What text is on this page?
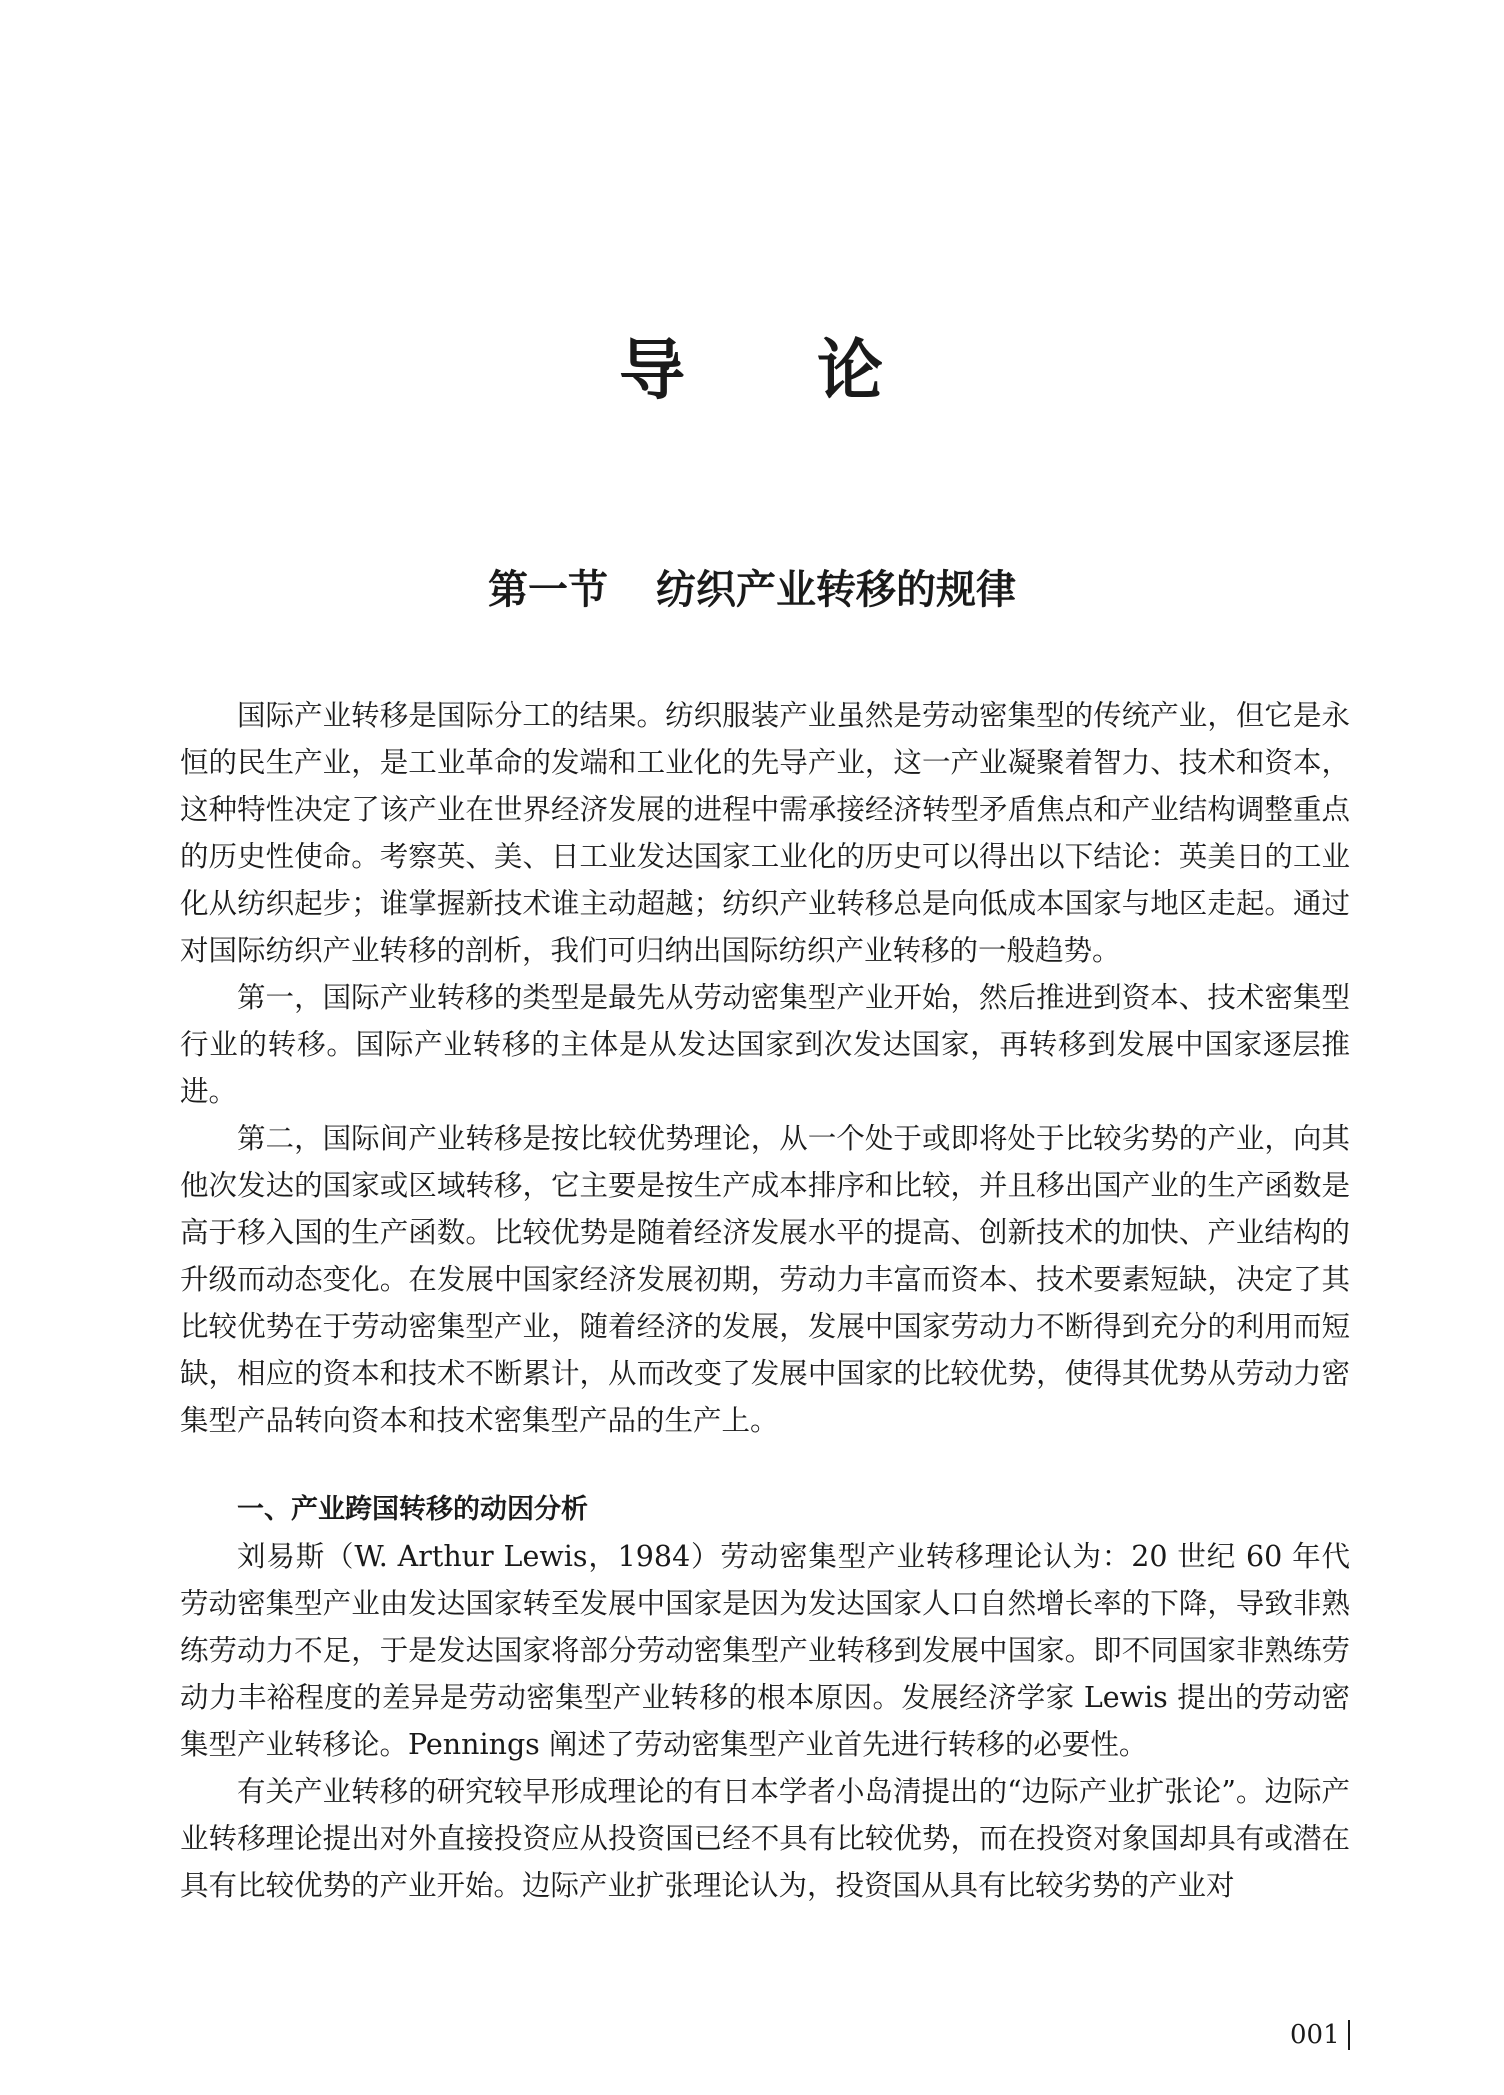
导 论
第一节 纺织产业转移的规律

国际产业转移是国际分工的结果。纺织服装产业虽然是劳动密集型的传统产业，但它是永恒的民生产业，是工业革命的发端和工业化的先导产业，这一产业凝聚着智力、技术和资本，这种特性决定了该产业在世界经济发展的进程中需承接经济转型矛盾焦点和产业结构调整重点的历史性使命。考察英、美、日工业发达国家工业化的历史可以得出以下结论：英美日的工业化从纺织起步；谁掌握新技术谁主动超越；纺织产业转移总是向低成本国家与地区走起。通过对国际纺织产业转移的剖析，我们可归纳出国际纺织产业转移的一般趋势。

第一，国际产业转移的类型是最先从劳动密集型产业开始，然后推进到资本、技术密集型行业的转移。国际产业转移的主体是从发达国家到次发达国家，再转移到发展中国家逐层推进。

第二，国际间产业转移是按比较优势理论，从一个处于或即将处于比较劣势的产业，向其他次发达的国家或区域转移，它主要是按生产成本排序和比较，并且移出国产业的生产函数是高于移入国的生产函数。比较优势是随着经济发展水平的提高、创新技术的加快、产业结构的升级而动态变化。在发展中国家经济发展初期，劳动力丰富而资本、技术要素短缺，决定了其比较优势在于劳动密集型产业，随着经济的发展，发展中国家劳动力不断得到充分的利用而短缺，相应的资本和技术不断累计，从而改变了发展中国家的比较优势，使得其优势从劳动力密集型产品转向资本和技术密集型产品的生产上。

一、产业跨国转移的动因分析

刘易斯（W. Arthur Lewis，1984）劳动密集型产业转移理论认为：20 世纪 60 年代劳动密集型产业由发达国家转至发展中国家是因为发达国家人口自然增长率的下降，导致非熟练劳动力不足，于是发达国家将部分劳动密集型产业转移到发展中国家。即不同国家非熟练劳动力丰裕程度的差异是劳动密集型产业转移的根本原因。发展经济学家 Lewis 提出的劳动密集型产业转移论。Pennings 阐述了劳动密集型产业首先进行转移的必要性。

有关产业转移的研究较早形成理论的有日本学者小岛清提出的“边际产业扩张论”。边际产业转移理论提出对外直接投资应从投资国已经不具有比较优势，而在投资对象国却具有或潜在具有比较优势的产业开始。边际产业扩张理论认为，投资国从具有比较劣势的产业对

001
